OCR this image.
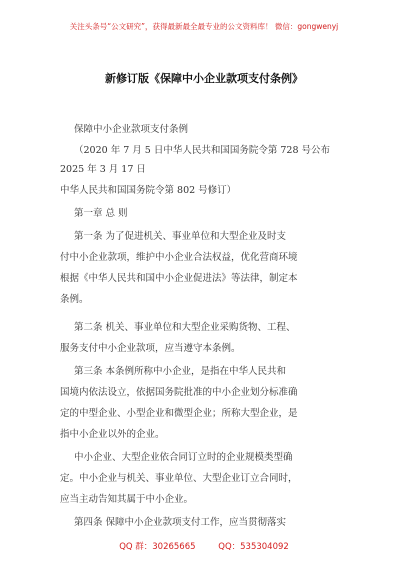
关注头条号“公文研究”，获得最新最全最专业的公文资料库！ 微信：gongwenyj
新修订版《保障中小企业款项支付条例》
保障中小企业款项支付条例
（2020 年 7 月 5 日中华人民共和国国务院令第 728 号公布
2025 年 3 月 17 日
中华人民共和国国务院令第 802 号修订）
第一章 总 则
第一条 为了促进机关、事业单位和大型企业及时支
付中小企业款项，维护中小企业合法权益，优化营商环境
根据《中华人民共和国中小企业促进法》等法律，制定本
条例。
第二条 机关、事业单位和大型企业采购货物、工程、
服务支付中小企业款项，应当遵守本条例。
第三条 本条例所称中小企业，是指在中华人民共和
国境内依法设立，依据国务院批准的中小企业划分标准确
定的中型企业、小型企业和微型企业；所称大型企业，是
指中小企业以外的企业。
中小企业、大型企业依合同订立时的企业规模类型确
定。中小企业与机关、事业单位、大型企业订立合同时，
应当主动告知其属于中小企业。
第四条 保障中小企业款项支付工作，应当贯彻落实
QQ 群：30265665	QQ：535304092
